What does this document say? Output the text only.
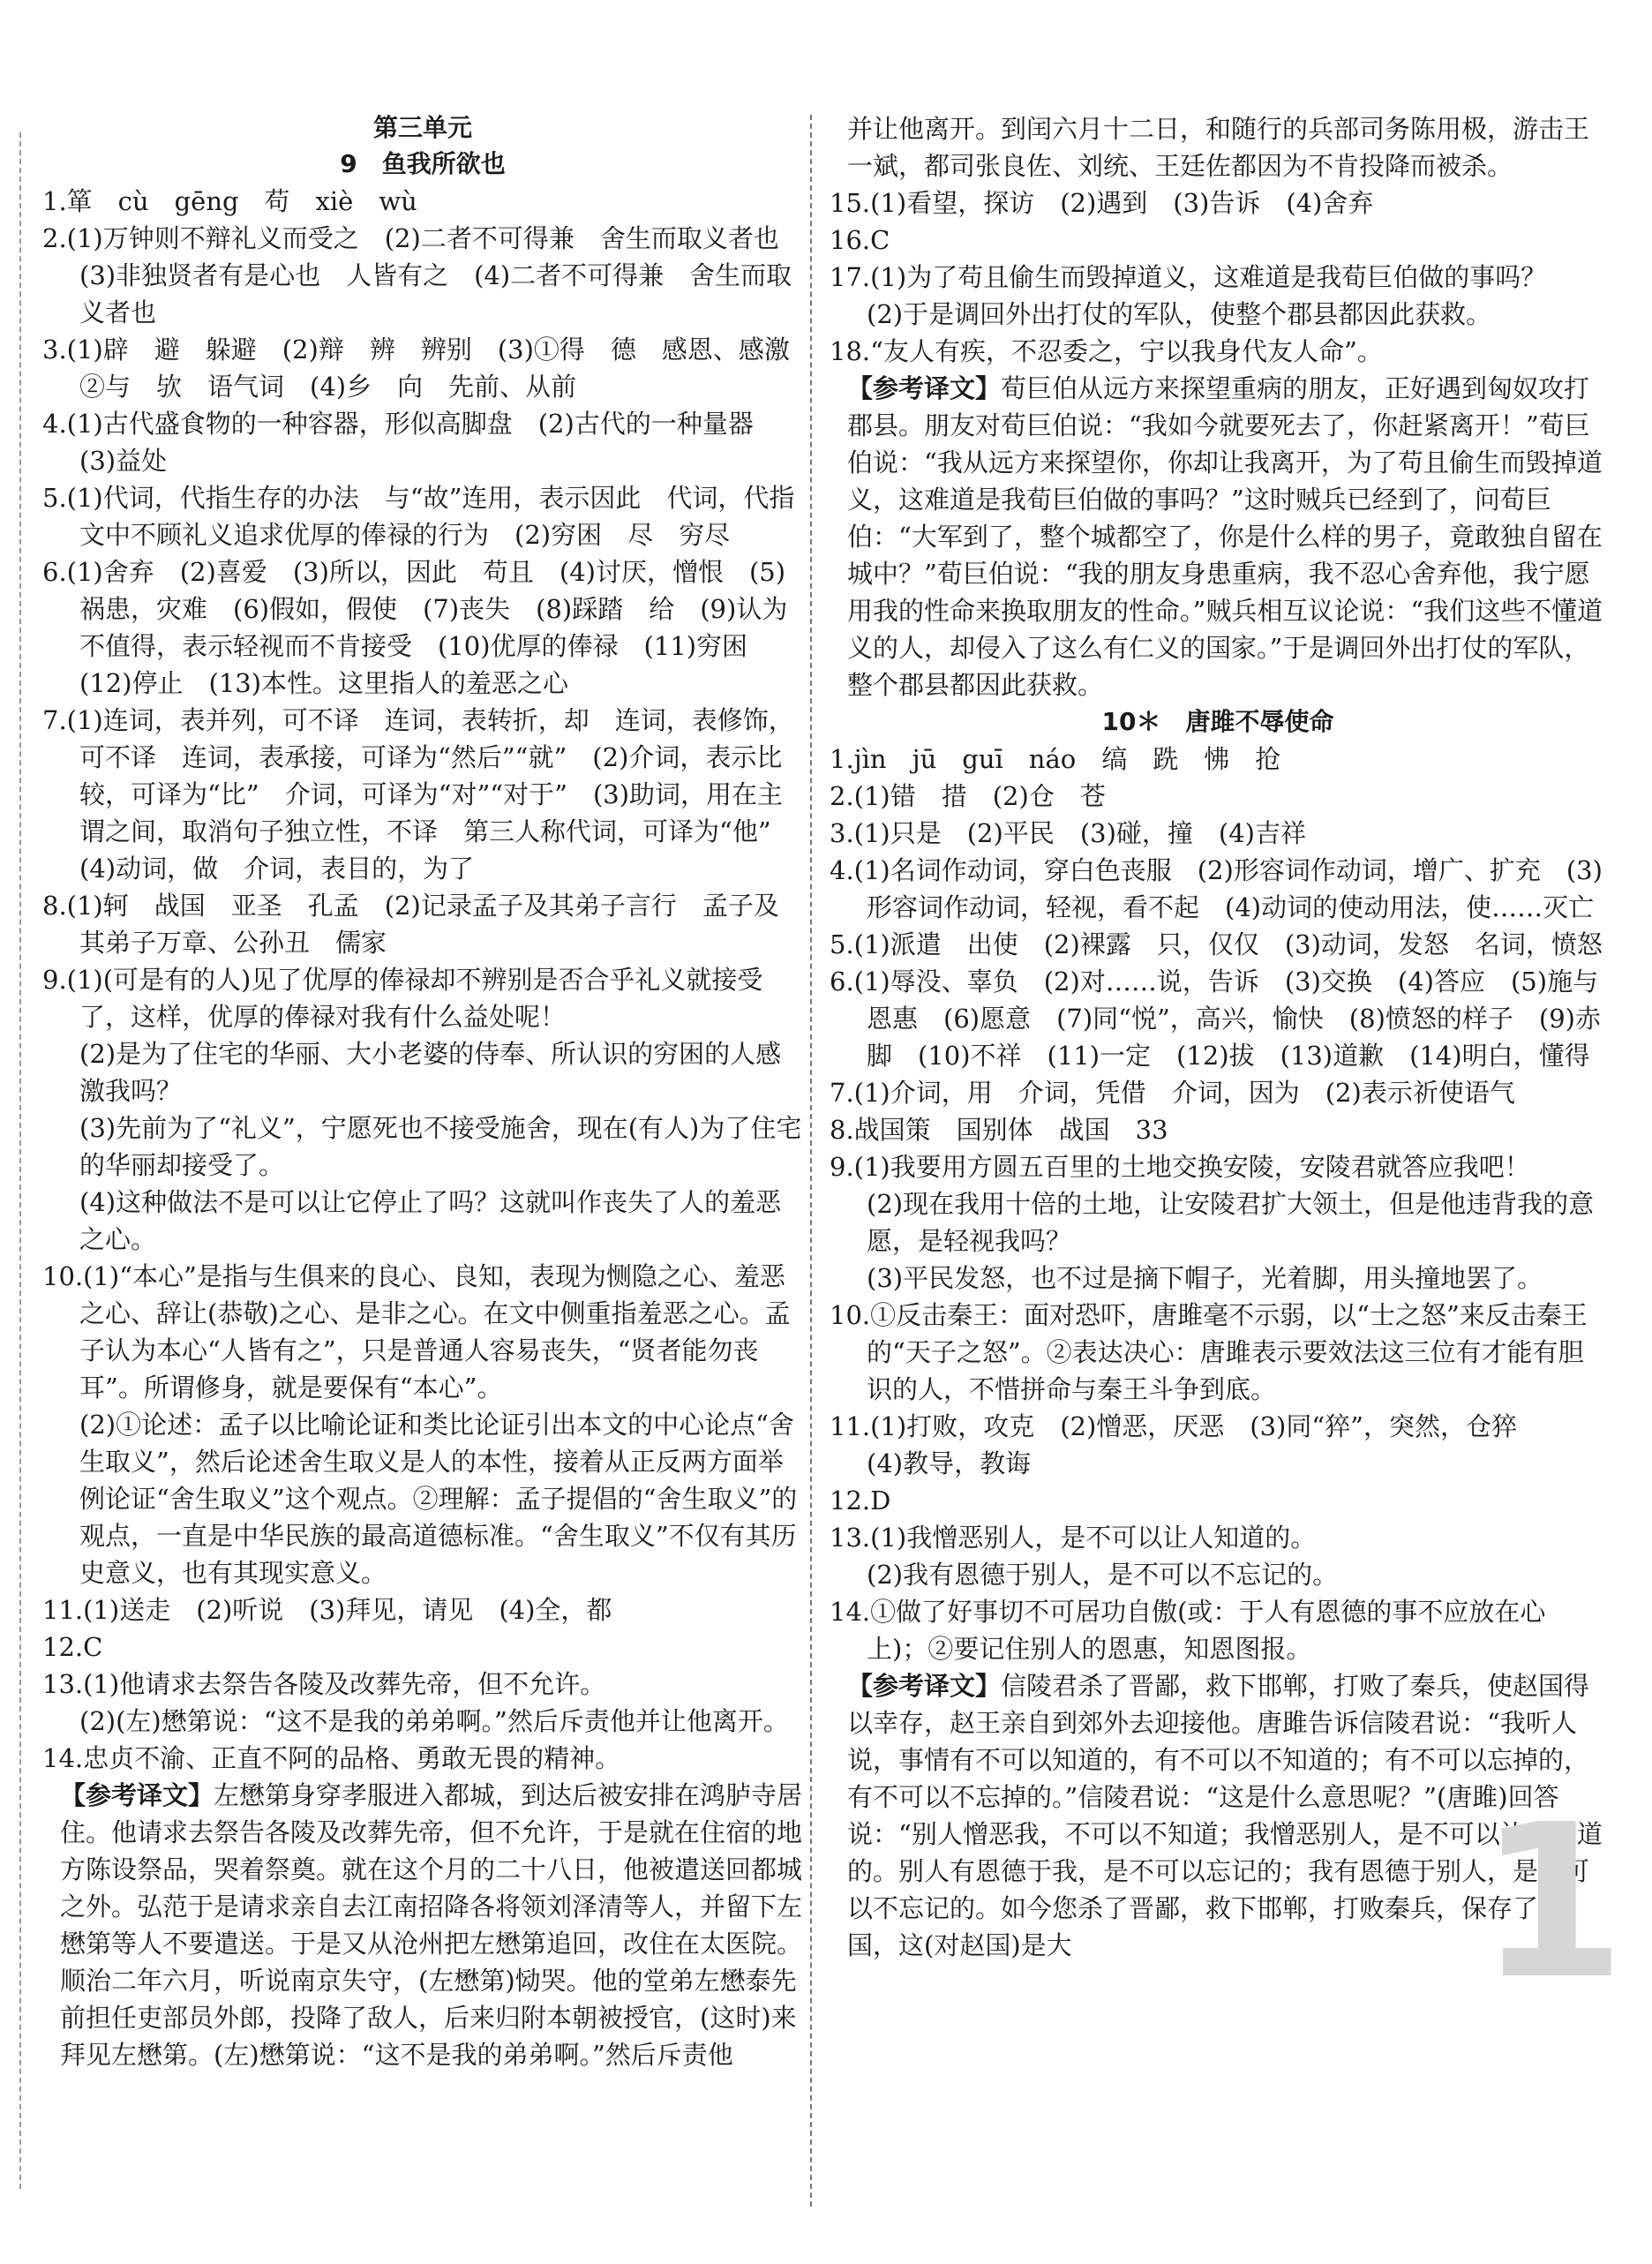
第三单元
9　鱼我所欲也

1.箪　cù　gēng　苟　xiè　wù

2.(1)万钟则不辩礼义而受之　(2)二者不可得兼　舍生而取义者也　(3)非独贤者有是心也　人皆有之　(4)二者不可得兼　舍生而取义者也

3.(1)辟　避　躲避　(2)辩　辨　辨别　(3)①得　德　感恩、感激　②与　欤　语气词　(4)乡　向　先前、从前

4.(1)古代盛食物的一种容器，形似高脚盘　(2)古代的一种量器　(3)益处

5.(1)代词，代指生存的办法　与“故”连用，表示因此　代词，代指文中不顾礼义追求优厚的俸禄的行为　(2)穷困　尽　穷尽

6.(1)舍弃　(2)喜爱　(3)所以，因此　苟且　(4)讨厌，憎恨　(5)祸患，灾难　(6)假如，假使　(7)丧失　(8)踩踏　给　(9)认为不值得，表示轻视而不肯接受　(10)优厚的俸禄　(11)穷困　(12)停止　(13)本性。这里指人的羞恶之心

7.(1)连词，表并列，可不译　连词，表转折，却　连词，表修饰，可不译　连词，表承接，可译为“然后”“就”　(2)介词，表示比较，可译为“比”　介词，可译为“对”“对于”　(3)助词，用在主谓之间，取消句子独立性，不译　第三人称代词，可译为“他”　(4)动词，做　介词，表目的，为了

8.(1)轲　战国　亚圣　孔孟　(2)记录孟子及其弟子言行　孟子及其弟子万章、公孙丑　儒家

9.(1)(可是有的人)见了优厚的俸禄却不辨别是否合乎礼义就接受了，这样，优厚的俸禄对我有什么益处呢！

(2)是为了住宅的华丽、大小老婆的侍奉、所认识的穷困的人感激我吗？

(3)先前为了“礼义”，宁愿死也不接受施舍，现在(有人)为了住宅的华丽却接受了。

(4)这种做法不是可以让它停止了吗？这就叫作丧失了人的羞恶之心。

10.(1)“本心”是指与生俱来的良心、良知，表现为恻隐之心、羞恶之心、辞让(恭敬)之心、是非之心。在文中侧重指羞恶之心。孟子认为本心“人皆有之”，只是普通人容易丧失，“贤者能勿丧耳”。所谓修身，就是要保有“本心”。

(2)①论述：孟子以比喻论证和类比论证引出本文的中心论点“舍生取义”，然后论述舍生取义是人的本性，接着从正反两方面举例论证“舍生取义”这个观点。②理解：孟子提倡的“舍生取义”的观点，一直是中华民族的最高道德标准。“舍生取义”不仅有其历史意义，也有其现实意义。

11.(1)送走　(2)听说　(3)拜见，请见　(4)全，都

12.C

13.(1)他请求去祭告各陵及改葬先帝，但不允许。

(2)(左)懋第说：“这不是我的弟弟啊。”然后斥责他并让他离开。

14.忠贞不渝、正直不阿的品格、勇敢无畏的精神。

【参考译文】左懋第身穿孝服进入都城，到达后被安排在鸿胪寺居住。他请求去祭告各陵及改葬先帝，但不允许，于是就在住宿的地方陈设祭品，哭着祭奠。就在这个月的二十八日，他被遣送回都城之外。弘范于是请求亲自去江南招降各将领刘泽清等人，并留下左懋第等人不要遣送。于是又从沧州把左懋第追回，改住在太医院。顺治二年六月，听说南京失守，(左懋第)恸哭。他的堂弟左懋泰先前担任吏部员外郎，投降了敌人，后来归附本朝被授官，(这时)来拜见左懋第。(左)懋第说：“这不是我的弟弟啊。”然后斥责他

并让他离开。到闰六月十二日，和随行的兵部司务陈用极，游击王一斌，都司张良佐、刘统、王廷佐都因为不肯投降而被杀。

15.(1)看望，探访　(2)遇到　(3)告诉　(4)舍弃

16.C

17.(1)为了苟且偷生而毁掉道义，这难道是我荀巨伯做的事吗？

(2)于是调回外出打仗的军队，使整个郡县都因此获救。

18.“友人有疾，不忍委之，宁以我身代友人命”。

【参考译文】荀巨伯从远方来探望重病的朋友，正好遇到匈奴攻打郡县。朋友对荀巨伯说：“我如今就要死去了，你赶紧离开！”荀巨伯说：“我从远方来探望你，你却让我离开，为了苟且偷生而毁掉道义，这难道是我荀巨伯做的事吗？”这时贼兵已经到了，问荀巨伯：“大军到了，整个城都空了，你是什么样的男子，竟敢独自留在城中？”荀巨伯说：“我的朋友身患重病，我不忍心舍弃他，我宁愿用我的性命来换取朋友的性命。”贼兵相互议论说：“我们这些不懂道义的人，却侵入了这么有仁义的国家。”于是调回外出打仗的军队，整个郡县都因此获救。

10＊　唐雎不辱使命

1.jìn　jū　guī　náo　缟　跣　怫　抢

2.(1)错　措　(2)仓　苍

3.(1)只是　(2)平民　(3)碰，撞　(4)吉祥

4.(1)名词作动词，穿白色丧服　(2)形容词作动词，增广、扩充　(3)形容词作动词，轻视，看不起　(4)动词的使动用法，使……灭亡

5.(1)派遣　出使　(2)裸露　只，仅仅　(3)动词，发怒　名词，愤怒

6.(1)辱没、辜负　(2)对……说，告诉　(3)交换　(4)答应　(5)施与恩惠　(6)愿意　(7)同“悦”，高兴，愉快　(8)愤怒的样子　(9)赤脚　(10)不祥　(11)一定　(12)拔　(13)道歉　(14)明白，懂得

7.(1)介词，用　介词，凭借　介词，因为　(2)表示祈使语气

8.战国策　国别体　战国　33

9.(1)我要用方圆五百里的土地交换安陵，安陵君就答应我吧！

(2)现在我用十倍的土地，让安陵君扩大领土，但是他违背我的意愿，是轻视我吗？

(3)平民发怒，也不过是摘下帽子，光着脚，用头撞地罢了。

10.①反击秦王：面对恐吓，唐雎毫不示弱，以“士之怒”来反击秦王的“天子之怒”。②表达决心：唐雎表示要效法这三位有才能有胆识的人，不惜拼命与秦王斗争到底。

11.(1)打败，攻克　(2)憎恶，厌恶　(3)同“猝”，突然，仓猝

(4)教导，教诲

12.D

13.(1)我憎恶别人，是不可以让人知道的。

(2)我有恩德于别人，是不可以不忘记的。

14.①做了好事切不可居功自傲(或：于人有恩德的事不应放在心上)；②要记住别人的恩惠，知恩图报。

【参考译文】信陵君杀了晋鄙，救下邯郸，打败了秦兵，使赵国得以幸存，赵王亲自到郊外去迎接他。唐雎告诉信陵君说：“我听人说，事情有不可以知道的，有不可以不知道的；有不可以忘掉的，有不可以不忘掉的。”信陵君说：“这是什么意思呢？”(唐雎)回答说：“别人憎恶我，不可以不知道；我憎恶别人，是不可以让人知道的。别人有恩德于我，是不可以忘记的；我有恩德于别人，是不可以不忘记的。如今您杀了晋鄙，救下邯郸，打败秦兵，保存了赵国，这(对赵国)是大	1
